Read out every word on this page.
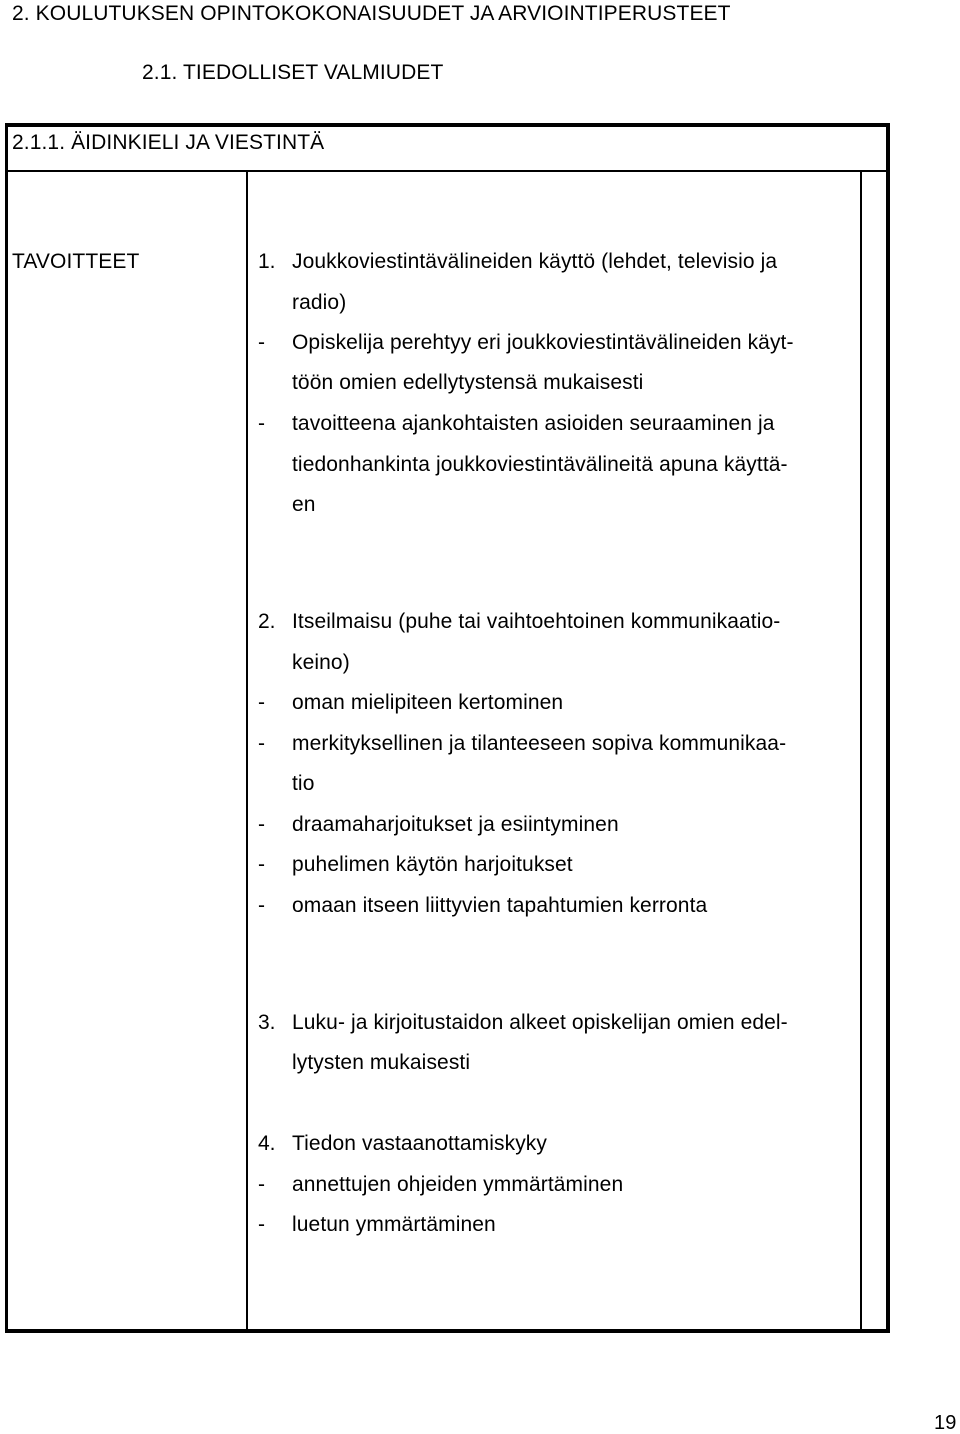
2. KOULUTUKSEN OPINTOKOKONAISUUDET JA ARVIOINTIPERUSTEET
2.1. TIEDOLLISET VALMIUDET
2.1.1. ÄIDINKIELI JA VIESTINTÄ
TAVOITTEET	1. Joukkoviestintävälineiden käyttö (lehdet, televisio ja
radio)
- Opiskelija perehtyy eri joukkoviestintävälineiden käyt-
töön omien edellytystensä mukaisesti
- tavoitteena ajankohtaisten asioiden seuraaminen ja
tiedonhankinta joukkoviestintävälineitä apuna käyttä-
en
2. Itseilmaisu (puhe tai vaihtoehtoinen kommunikaatio-
keino)
- oman mielipiteen kertominen
- merkityksellinen ja tilanteeseen sopiva kommunikaa-
tio
- draamaharjoitukset ja esiintyminen
- puhelimen käytön harjoitukset
- omaan itseen liittyvien tapahtumien kerronta
3. Luku- ja kirjoitustaidon alkeet opiskelijan omien edel-
lytysten mukaisesti
4. Tiedon vastaanottamiskyky
- annettujen ohjeiden ymmärtäminen
- luetun ymmärtäminen
19
